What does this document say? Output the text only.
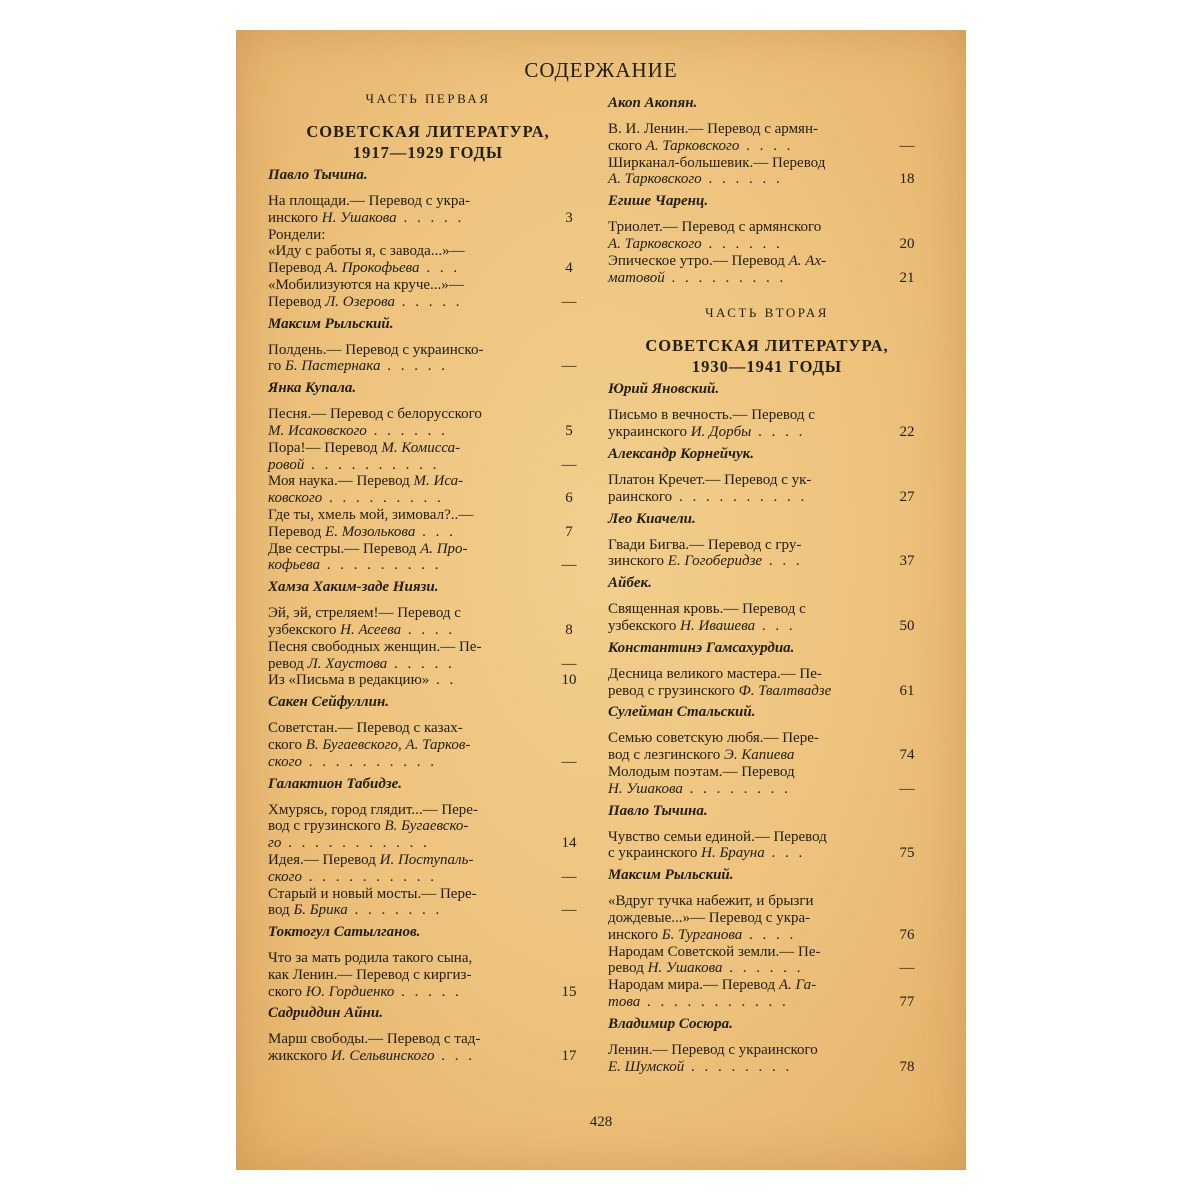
СОДЕРЖАНИЕ
ЧАСТЬ ПЕРВАЯ
СОВЕТСКАЯ ЛИТЕРАТУРА,
1917—1929 ГОДЫ
Павло Тычина.
На площади.— Перевод с укра-
инского Н. Ушакова . . . . .	3
Рондели:
«Иду с работы я, с завода...»—
Перевод А. Прокофьева . . .	4
«Мобилизуются на круче...»—
Перевод Л. Озерова . . . . .	—
Максим Рыльский.
Полдень.— Перевод с украинско-
го Б. Пастернака . . . . .	—
Янка Купала.
Песня.— Перевод с белорусского
М. Исаковского . . . . . .	5
Пора!— Перевод М. Комисса-
ровой . . . . . . . . . .	—
Моя наука.— Перевод М. Иса-
ковского . . . . . . . . .	6
Где ты, хмель мой, зимовал?..—
Перевод Е. Мозолькова . . .	7
Две сестры.— Перевод А. Про-
кофьева . . . . . . . . .	—
Хамза Хаким-заде Ниязи.
Эй, эй, стреляем!— Перевод с
узбекского Н. Асеева . . . .	8
Песня свободных женщин.— Пе-
ревод Л. Хаустова . . . . .	—
Из «Письма в редакцию» . .	10
Сакен Сейфуллин.
Советстан.— Перевод с казах-
ского В. Бугаевского, А. Тарков-
ского . . . . . . . . . .	—
Галактион Табидзе.
Хмурясь, город глядит...— Пере-
вод с грузинского В. Бугаевско-
го . . . . . . . . . . .	14
Идея.— Перевод И. Поступаль-
ского . . . . . . . . . .	—
Старый и новый мосты.— Пере-
вод Б. Брика . . . . . . .	—
Токтогул Сатылганов.
Что за мать родила такого сына,
как Ленин.— Перевод с киргиз-
ского Ю. Гордиенко . . . . .	15
Садриддин Айни.
Марш свободы.— Перевод с тад-
жикского И. Сельвинского . . .	17
Акоп Акопян.
В. И. Ленин.— Перевод с армян-
ского А. Тарковского . . . .	—
Ширканал-большевик.— Перевод
А. Тарковского . . . . . .	18
Егише Чаренц.
Триолет.— Перевод с армянского
А. Тарковского . . . . . .	20
Эпическое утро.— Перевод А. Ах-
матовой . . . . . . . . .	21
ЧАСТЬ ВТОРАЯ
СОВЕТСКАЯ ЛИТЕРАТУРА,
1930—1941 ГОДЫ
Юрий Яновский.
Письмо в вечность.— Перевод с
украинского И. Дорбы . . . .	22
Александр Корнейчук.
Платон Кречет.— Перевод с ук-
раинского . . . . . . . . . .	27
Лео Киачели.
Гвади Бигва.— Перевод с гру-
зинского Е. Гогоберидзе . . .	37
Айбек.
Священная кровь.— Перевод с
узбекского Н. Ивашева . . .	50
Константинэ Гамсахурдиа.
Десница великого мастера.— Пе-
ревод с грузинского Ф. Твалтвадзе	61
Сулейман Стальский.
Семью советскую любя.— Пере-
вод с лезгинского Э. Капиева	74
Молодым поэтам.— Перевод
Н. Ушакова . . . . . . . .	—
Павло Тычина.
Чувство семьи единой.— Перевод
с украинского Н. Брауна . . .	75
Максим Рыльский.
«Вдруг тучка набежит, и брызги
дождевые...»— Перевод с укра-
инского Б. Турганова . . . .	76
Народам Советской земли.— Пе-
ревод Н. Ушакова . . . . . .	—
Народам мира.— Перевод А. Га-
това . . . . . . . . . . .	77
Владимир Сосюра.
Ленин.— Перевод с украинского
Е. Шумской . . . . . . . .	78
428
